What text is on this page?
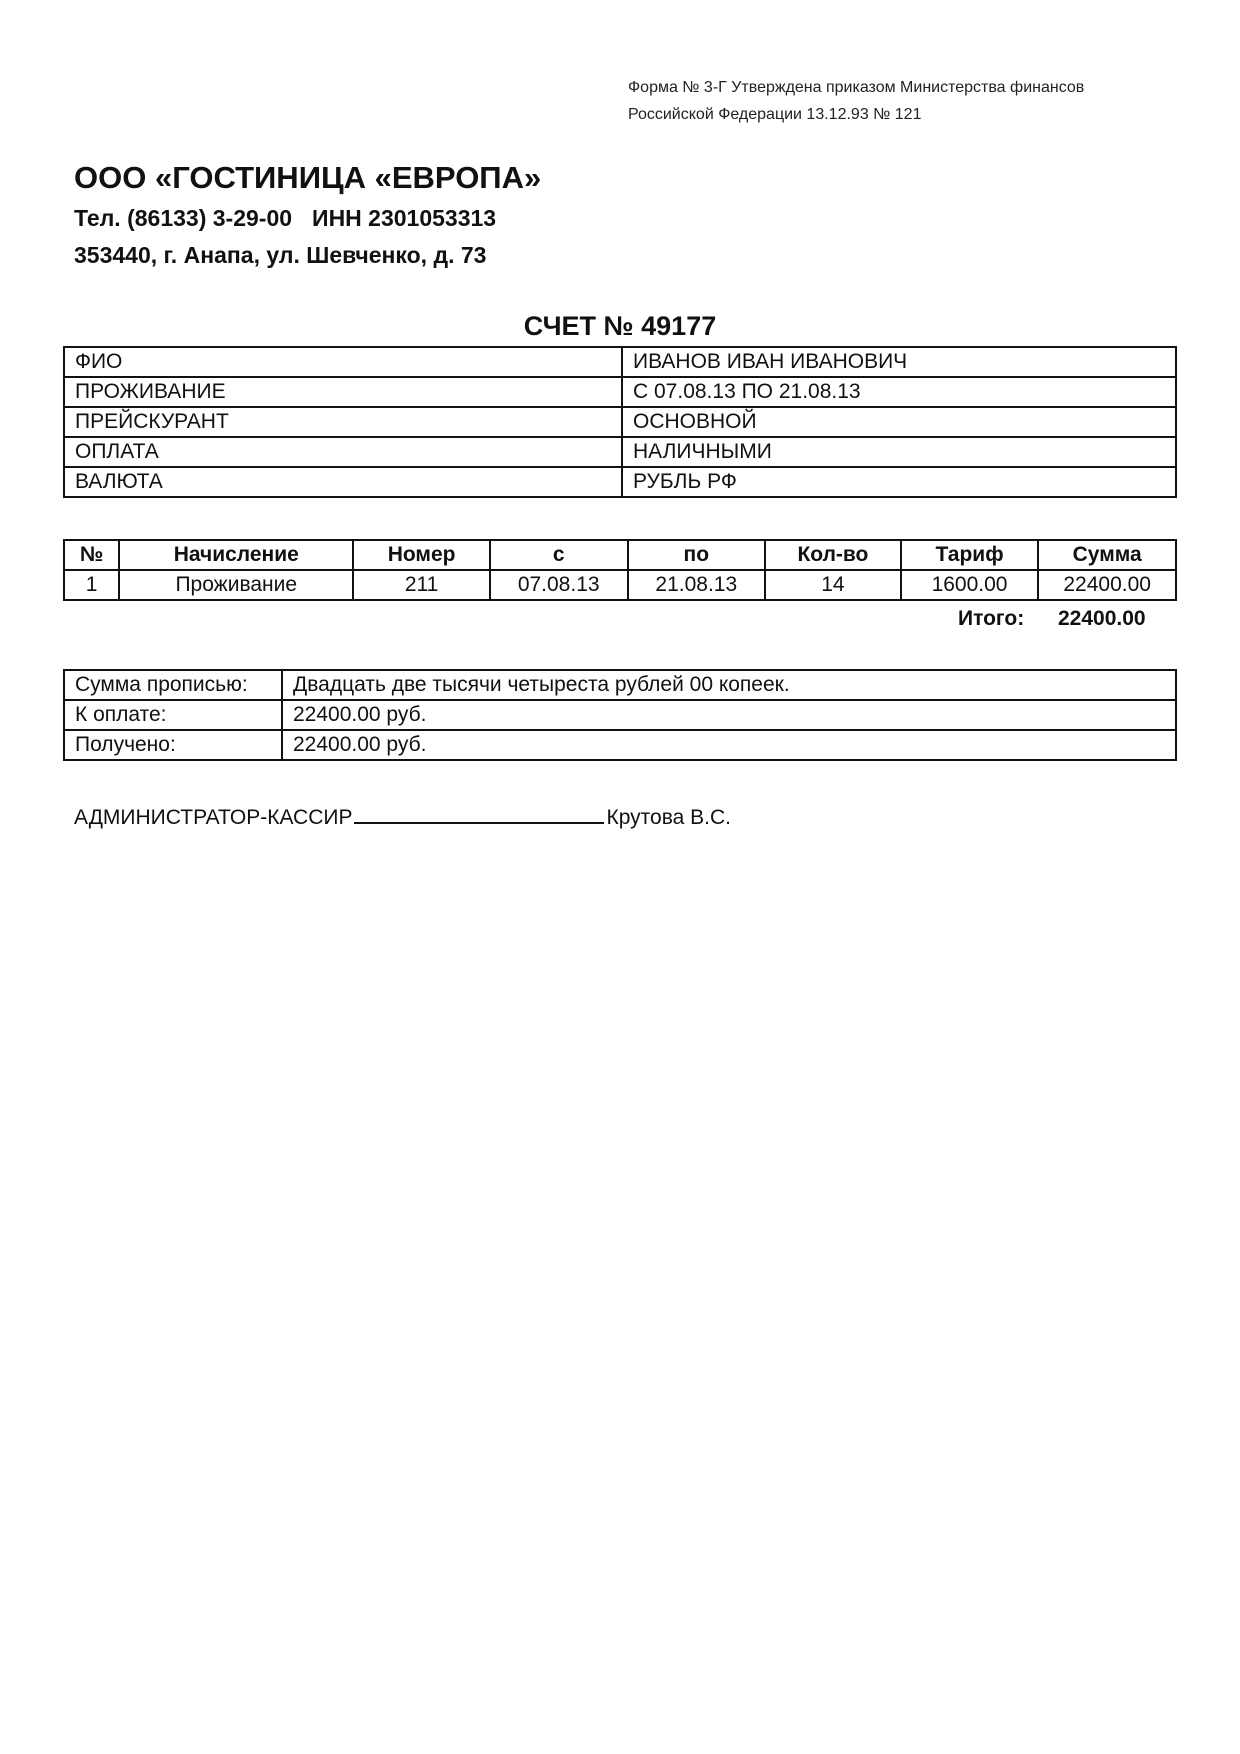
Форма № 3-Г Утверждена приказом Министерства финансов
Российской Федерации 13.12.93 № 121
ООО «ГОСТИНИЦА «ЕВРОПА»
Тел. (86133) 3-29-00 ИНН 2301053313
353440, г. Анапа, ул. Шевченко, д. 73
СЧЕТ № 49177
ФИО	ИВАНОВ ИВАН ИВАНОВИЧ
ПРОЖИВАНИЕ	С 07.08.13 ПО 21.08.13
ПРЕЙСКУРАНТ	ОСНОВНОЙ
ОПЛАТА	НАЛИЧНЫМИ
ВАЛЮТА	РУБЛЬ РФ
№	Начисление	Номер	с	по	Кол-во	Тариф	Сумма
1	Проживание	211	07.08.13	21.08.13	14	1600.00	22400.00
Итого: 22400.00
Сумма прописью:	Двадцать две тысячи четыреста рублей 00 копеек.
К оплате:	22400.00 руб.
Получено:	22400.00 руб.
АДМИНИСТРАТОР-КАССИР	Крутова В.С.
